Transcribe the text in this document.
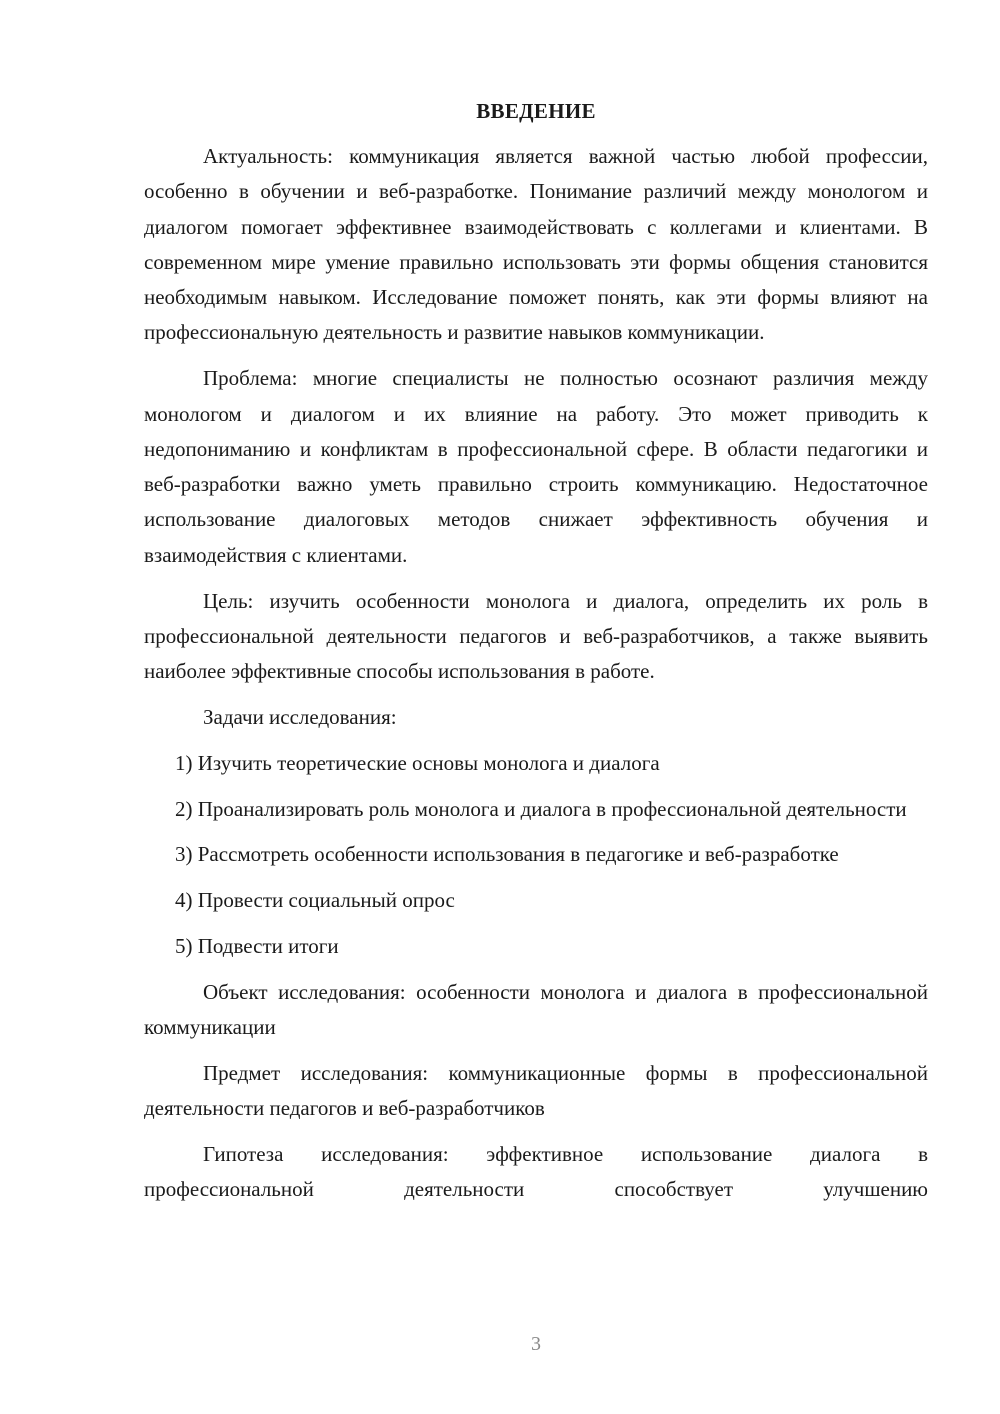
ВВЕДЕНИЕ

Актуальность: коммуникация является важной частью любой профессии, особенно в обучении и веб-разработке. Понимание различий между монологом и диалогом помогает эффективнее взаимодействовать с коллегами и клиентами. В современном мире умение правильно использовать эти формы общения становится необходимым навыком. Исследование поможет понять, как эти формы влияют на профессиональную деятельность и развитие навыков коммуникации.

Проблема: многие специалисты не полностью осознают различия между монологом и диалогом и их влияние на работу. Это может приводить к недопониманию и конфликтам в профессиональной сфере. В области педагогики и веб-разработки важно уметь правильно строить коммуникацию. Недостаточное использование диалоговых методов снижает эффективность обучения и взаимодействия с клиентами.

Цель: изучить особенности монолога и диалога, определить их роль в профессиональной деятельности педагогов и веб-разработчиков, а также выявить наиболее эффективные способы использования в работе.

Задачи исследования:

1) Изучить теоретические основы монолога и диалога

2) Проанализировать роль монолога и диалога в профессиональной деятельности

3) Рассмотреть особенности использования в педагогике и веб-разработке

4) Провести социальный опрос

5) Подвести итоги

Объект исследования: особенности монолога и диалога в профессиональной коммуникации

Предмет исследования: коммуникационные формы в профессиональной деятельности педагогов и веб-разработчиков

Гипотеза исследования: эффективное использование диалога в профессиональной деятельности способствует улучшению

3
